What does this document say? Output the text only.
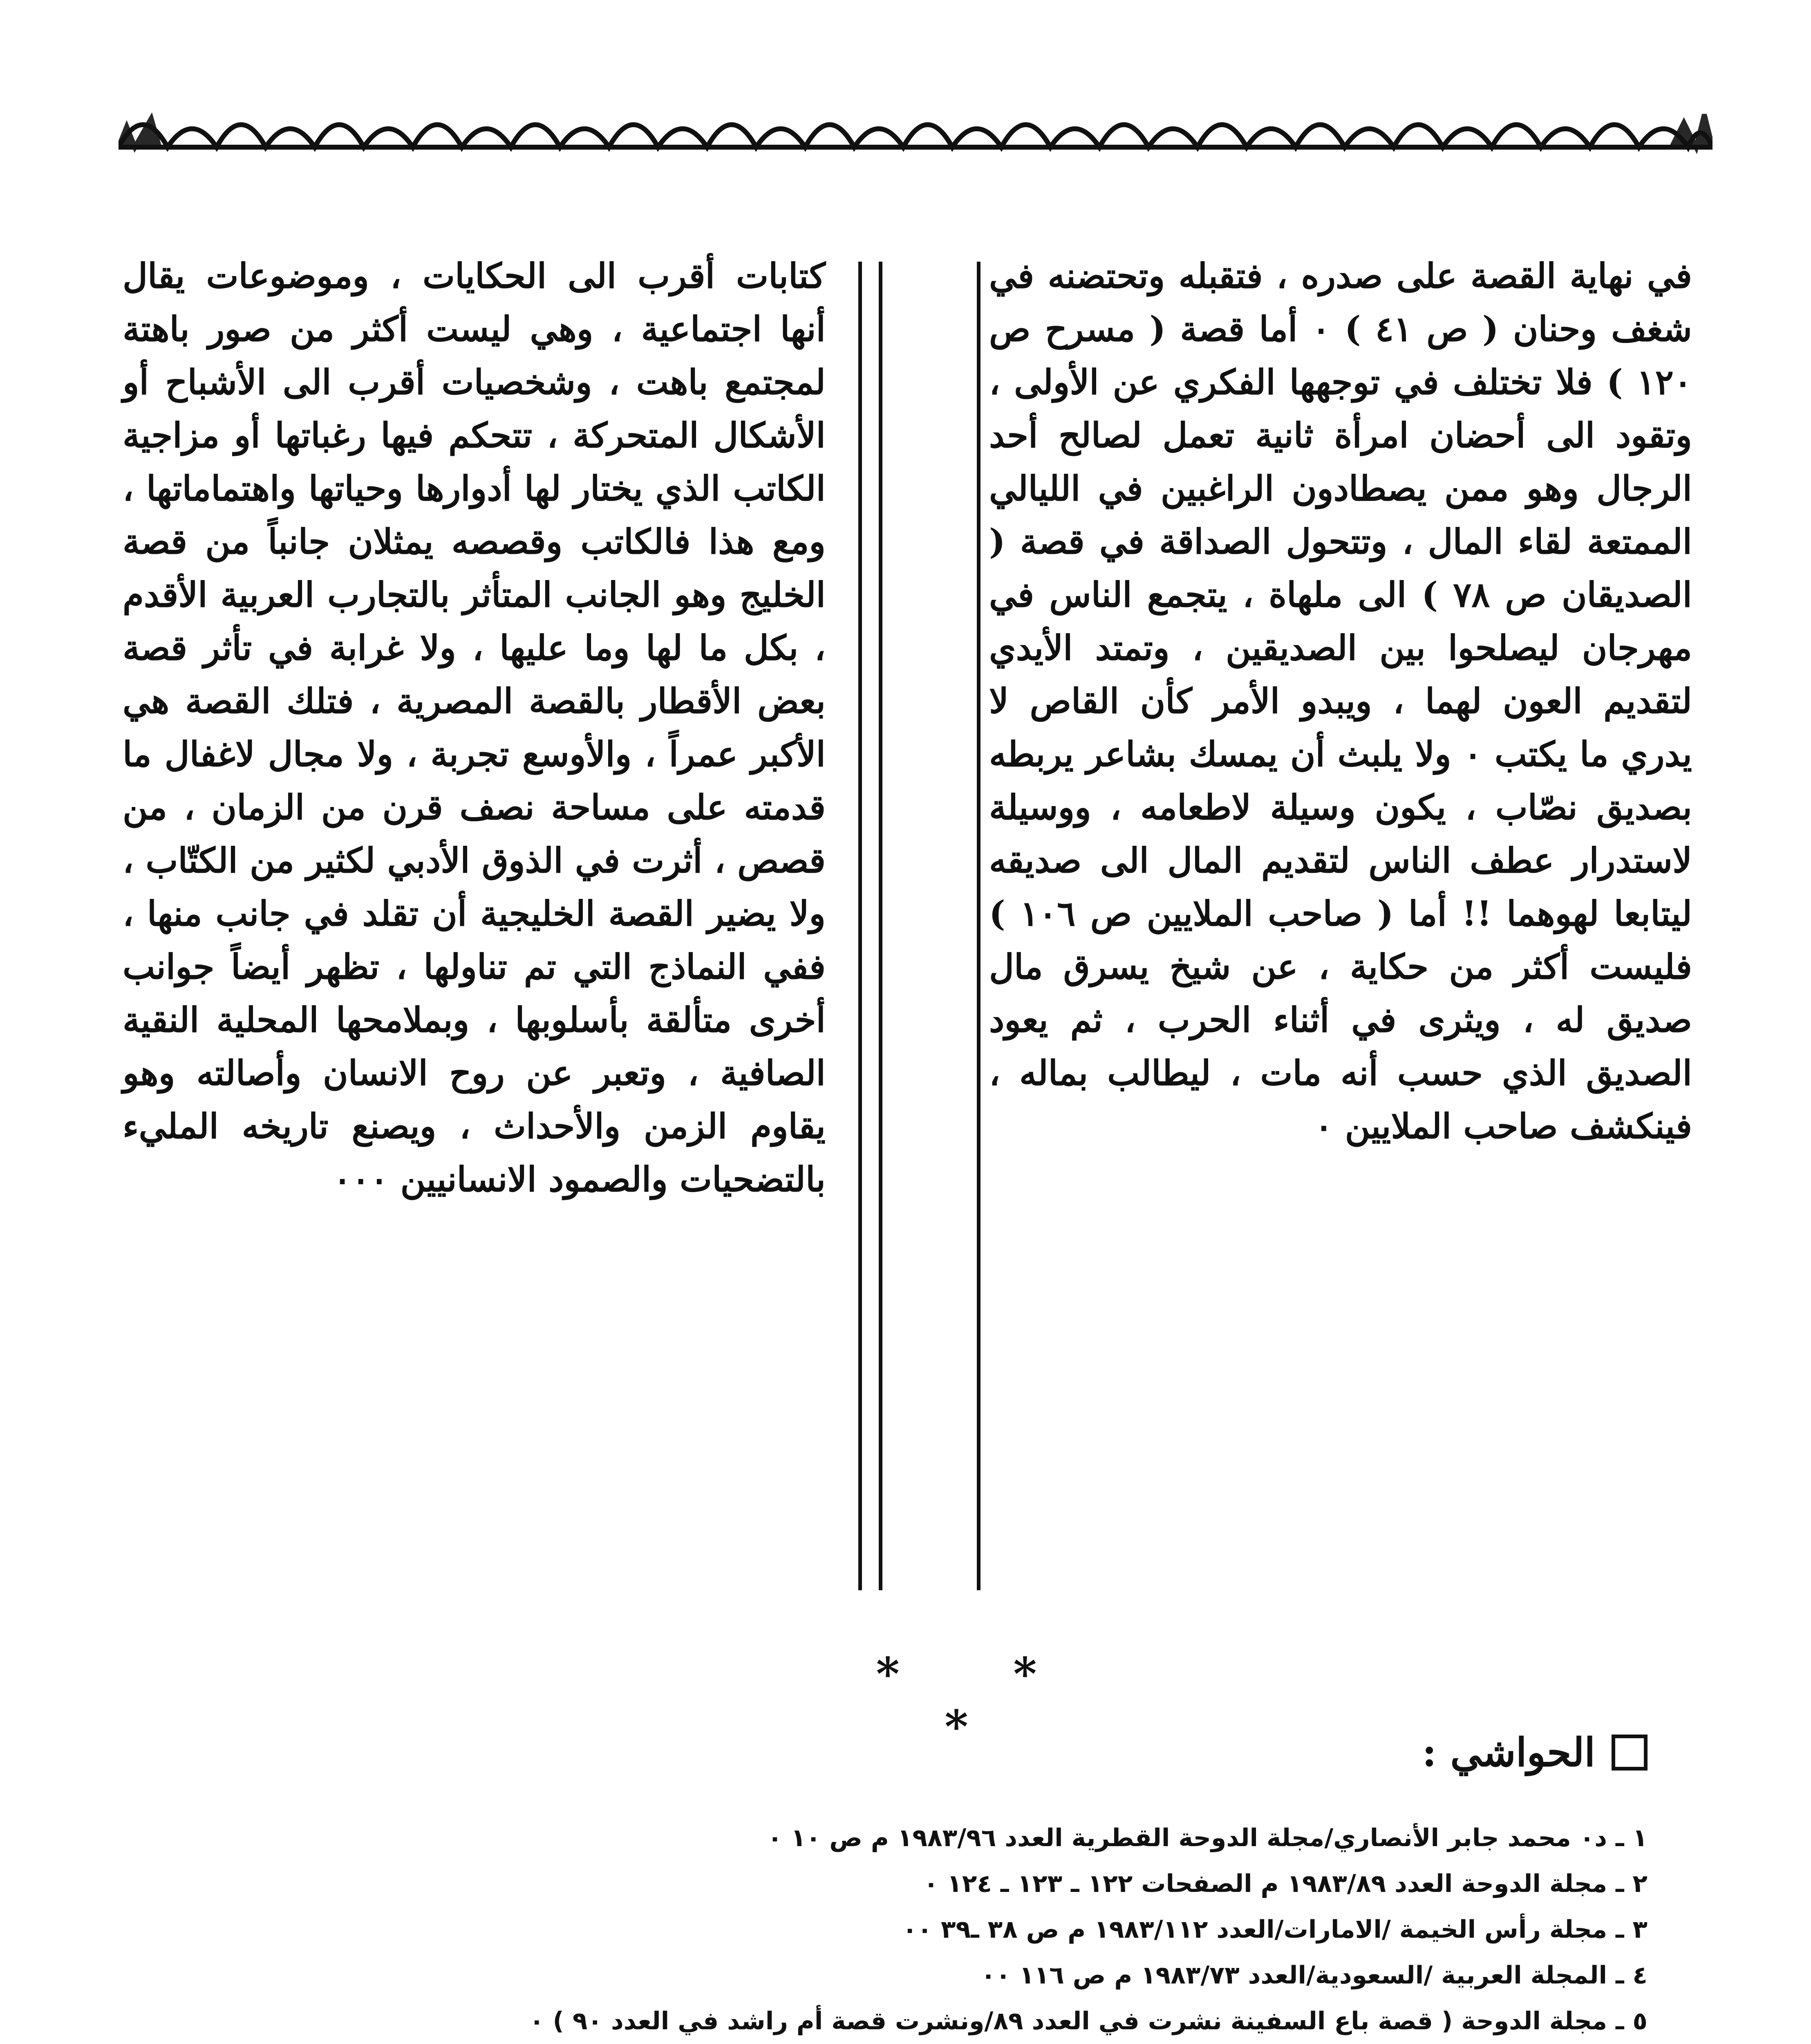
في نهاية القصة على صدره ، فتقبله وتحتضنه في شغف وحنان ( ص ٤١ ) ٠ أما قصة ( مسرح ص ١٢٠ ) فلا تختلف في توجهها الفكري عن الأولى ، وتقود الى أحضان امرأة ثانية تعمل لصالح أحد الرجال وهو ممن يصطادون الراغبين في الليالي الممتعة لقاء المال ، وتتحول الصداقة في قصة ( الصديقان ص ٧٨ ) الى ملهاة ، يتجمع الناس في مهرجان ليصلحوا بين الصديقين ، وتمتد الأيدي لتقديم العون لهما ، ويبدو الأمر كأن القاص لا يدري ما يكتب ٠ ولا يلبث أن يمسك بشاعر يربطه بصديق نصّاب ، يكون وسيلة لاطعامه ، ووسيلة لاستدرار عطف الناس لتقديم المال الى صديقه ليتابعا لهوهما !! أما ( صاحب الملايين ص ١٠٦ ) فليست أكثر من حكاية ، عن شيخ يسرق مال صديق له ، ويثرى في أثناء الحرب ، ثم يعود الصديق الذي حسب أنه مات ، ليطالب بماله ، فينكشف صاحب الملايين ٠

كتابات أقرب الى الحكايات ، وموضوعات يقال أنها اجتماعية ، وهي ليست أكثر من صور باهتة لمجتمع باهت ، وشخصيات أقرب الى الأشباح أو الأشكال المتحركة ، تتحكم فيها رغباتها أو مزاجية الكاتب الذي يختار لها أدوارها وحياتها واهتماماتها ، ومع هذا فالكاتب وقصصه يمثلان جانباً من قصة الخليج وهو الجانب المتأثر بالتجارب العربية الأقدم ، بكل ما لها وما عليها ، ولا غرابة في تأثر قصة بعض الأقطار بالقصة المصرية ، فتلك القصة هي الأكبر عمراً ، والأوسع تجربة ، ولا مجال لاغفال ما قدمته على مساحة نصف قرن من الزمان ، من قصص ، أثرت في الذوق الأدبي لكثير من الكتّاب ، ولا يضير القصة الخليجية أن تقلد في جانب منها ، ففي النماذج التي تم تناولها ، تظهر أيضاً جوانب أخرى متألقة بأسلوبها ، وبملامحها المحلية النقية الصافية ، وتعبر عن روح الانسان وأصالته وهو يقاوم الزمن والأحداث ، ويصنع تاريخه المليء بالتضحيات والصمود الانسانيين ٠٠٠

* * *	الحواشي :
١ ـ د٠ محمد جابر الأنصاري/مجلة الدوحة القطرية العدد ١٩٨٣/٩٦ م ص ١٠ ٠
٢ ـ مجلة الدوحة العدد ١٩٨٣/٨٩ م الصفحات ١٢٢ ـ ١٢٣ ـ ١٢٤ ٠
٣ ـ مجلة رأس الخيمة /الامارات/العدد ١٩٨٣/١١٢ م ص ٣٨ ـ٣٩ ٠٠
٤ ـ المجلة العربية /السعودية/العدد ١٩٨٣/٧٣ م ص ١١٦ ٠٠
٥ ـ مجلة الدوحة ( قصة باع السفينة نشرت في العدد ٨٩/ونشرت قصة أم راشد في العدد ٩٠ ) ٠
